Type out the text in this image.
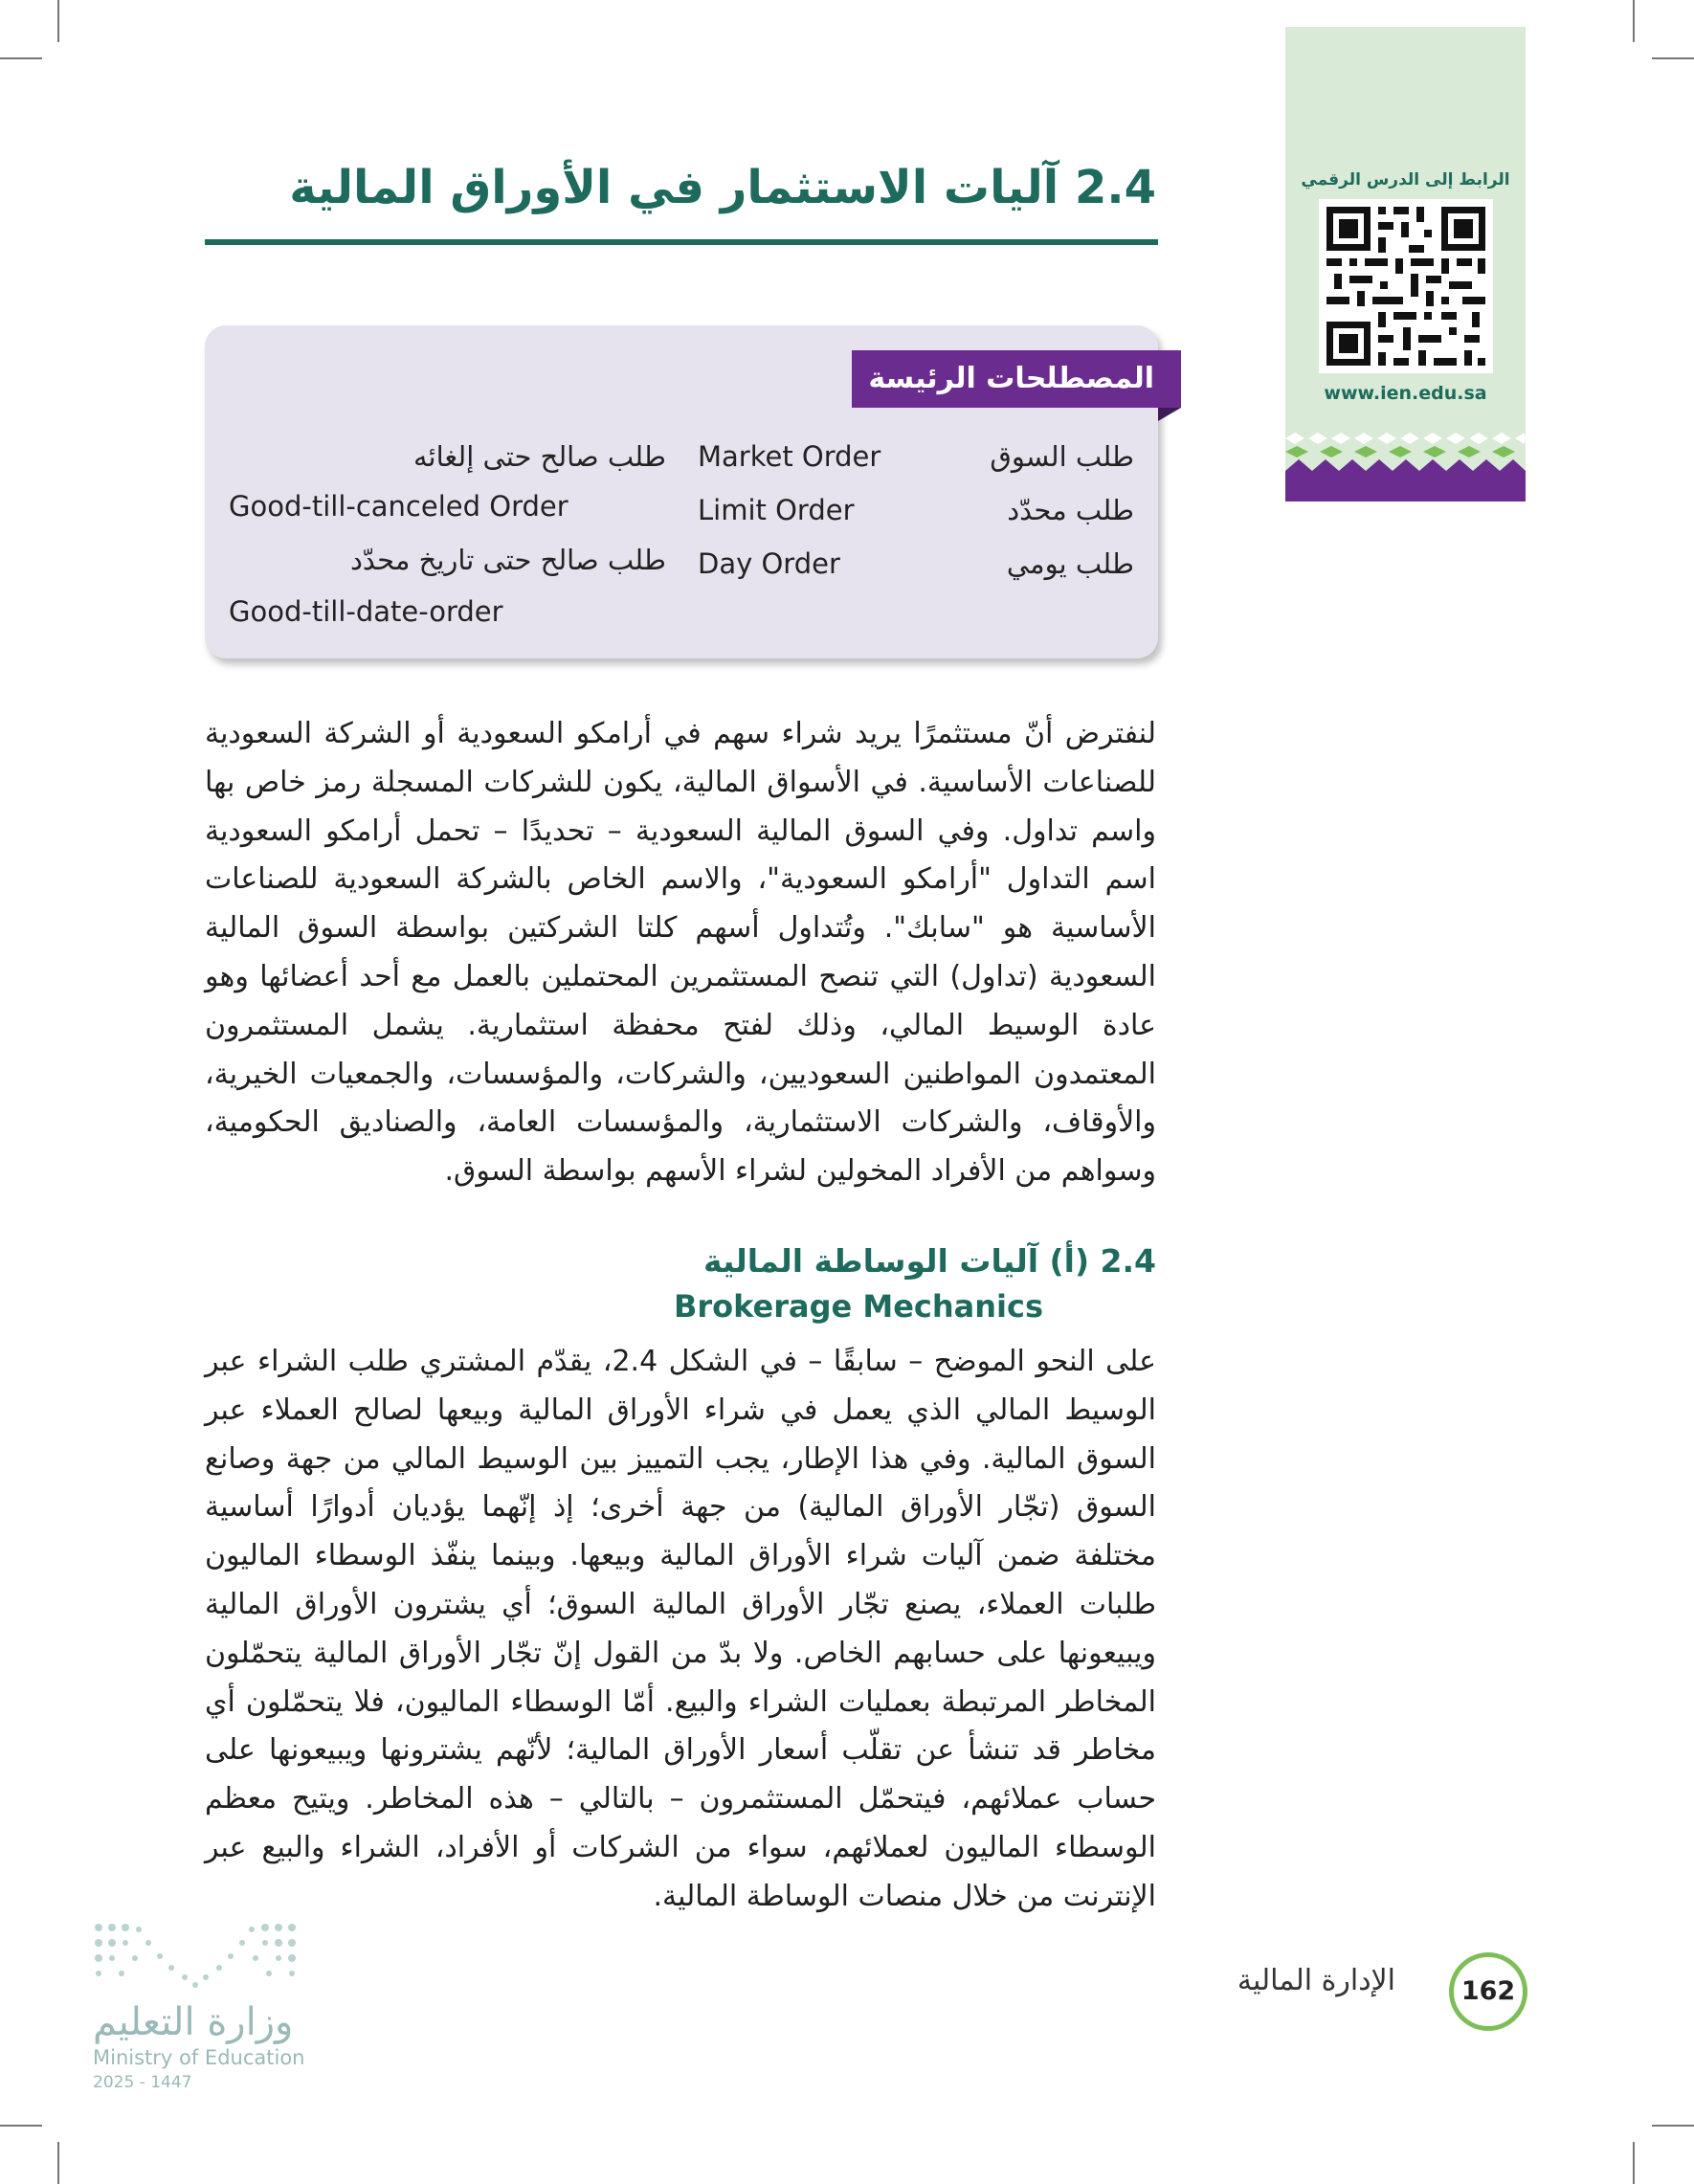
الرابط إلى الدرس الرقمي
www.ien.edu.sa
2.4 آليات الاستثمار في الأوراق المالية
المصطلحات الرئيسة
طلب السوق
Market Order
طلب محدّد
Limit Order
طلب يومي
Day Order
طلب صالح حتى إلغائه
Good-till-canceled Order
طلب صالح حتى تاريخ محدّد
Good-till-date-order

لنفترض أنّ مستثمرًا يريد شراء سهم في أرامكو السعودية أو الشركة السعودية للصناعات الأساسية. في الأسواق المالية، يكون للشركات المسجلة رمز خاص بها واسم تداول. وفي السوق المالية السعودية – تحديدًا – تحمل أرامكو السعودية اسم التداول "أرامكو السعودية"، والاسم الخاص بالشركة السعودية للصناعات الأساسية هو "سابك". وتُتداول أسهم كلتا الشركتين بواسطة السوق المالية السعودية (تداول) التي تنصح المستثمرين المحتملين بالعمل مع أحد أعضائها وهو عادة الوسيط المالي، وذلك لفتح محفظة استثمارية. يشمل المستثمرون المعتمدون المواطنين السعوديين، والشركات، والمؤسسات، والجمعيات الخيرية، والأوقاف، والشركات الاستثمارية، والمؤسسات العامة، والصناديق الحكومية، وسواهم من الأفراد المخولين لشراء الأسهم بواسطة السوق.

2.4 (أ) آليات الوساطة المالية
Brokerage Mechanics

على النحو الموضح – سابقًا – في الشكل 2.4، يقدّم المشتري طلب الشراء عبر الوسيط المالي الذي يعمل في شراء الأوراق المالية وبيعها لصالح العملاء عبر السوق المالية. وفي هذا الإطار، يجب التمييز بين الوسيط المالي من جهة وصانع السوق (تجّار الأوراق المالية) من جهة أخرى؛ إذ إنّهما يؤديان أدوارًا أساسية مختلفة ضمن آليات شراء الأوراق المالية وبيعها. وبينما ينفّذ الوسطاء الماليون طلبات العملاء، يصنع تجّار الأوراق المالية السوق؛ أي يشترون الأوراق المالية ويبيعونها على حسابهم الخاص. ولا بدّ من القول إنّ تجّار الأوراق المالية يتحمّلون المخاطر المرتبطة بعمليات الشراء والبيع. أمّا الوسطاء الماليون، فلا يتحمّلون أي مخاطر قد تنشأ عن تقلّب أسعار الأوراق المالية؛ لأنّهم يشترونها ويبيعونها على حساب عملائهم، فيتحمّل المستثمرون – بالتالي – هذه المخاطر. ويتيح معظم الوسطاء الماليون لعملائهم، سواء من الشركات أو الأفراد، الشراء والبيع عبر الإنترنت من خلال منصات الوساطة المالية.

162
الإدارة المالية
وزارة التعليم
Ministry of Education
2025 - 1447
